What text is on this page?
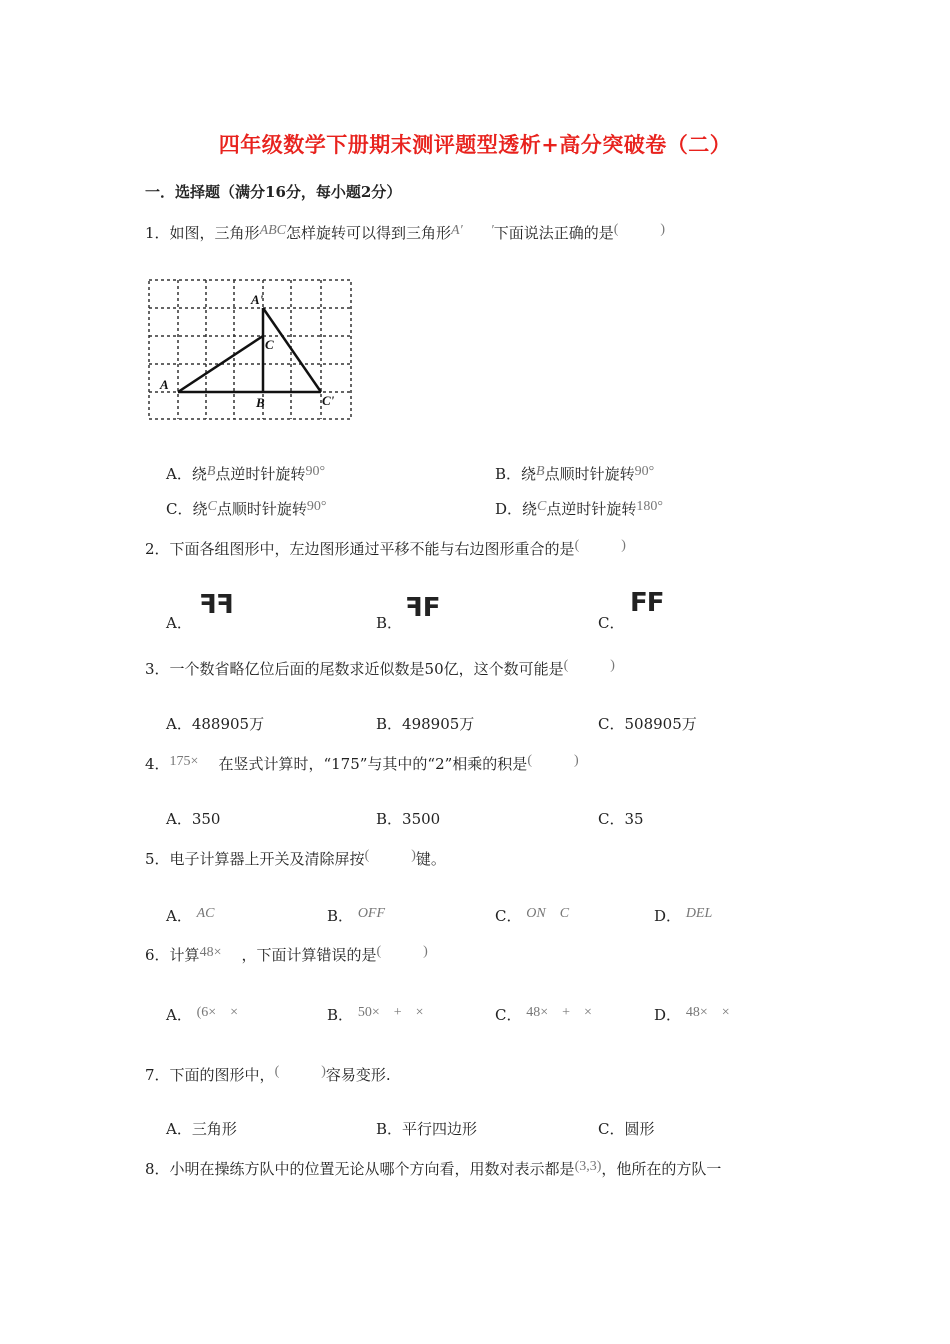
四年级数学下册期末测评题型透析+高分突破卷（二）
一．选择题（满分16分，每小题2分）
1．如图，三角形ABC怎样旋转可以得到三角形A′ ′下面说法正确的是(　　　)
A'
C
A
B	C'
A．绕B点逆时针旋转90°	B．绕B点顺时针旋转90°
C．绕C点顺时针旋转90°	D．绕C点逆时针旋转180°
2．下面各组图形中，左边图形通过平移不能与右边图形重合的是(　　　)
A．
FF
B． FF	C．
FF
3．一个数省略亿位后面的尾数求近似数是50亿，这个数可能是(　　　)
A．488905万	B．498905万	C．508905万
4．175× 在竖式计算时，“175”与其中的“2”相乘的积是(　　　)
A．350	B．3500	C．35
5．电子计算器上开关及清除屏按(　　　)键。
A． AC	B． OFF	C． ON　C	D． DEL
6．计算48× ，下面计算错误的是(　　　)
A． (6×　×	B． 50×　+　×	C． 48×　+　×	D． 48×　×
7．下面的图形中，(　　　)容易变形.
A．三角形	B．平行四边形	C．圆形
8．小明在操练方队中的位置无论从哪个方向看，用数对表示都是(3,3)，他所在的方队一
